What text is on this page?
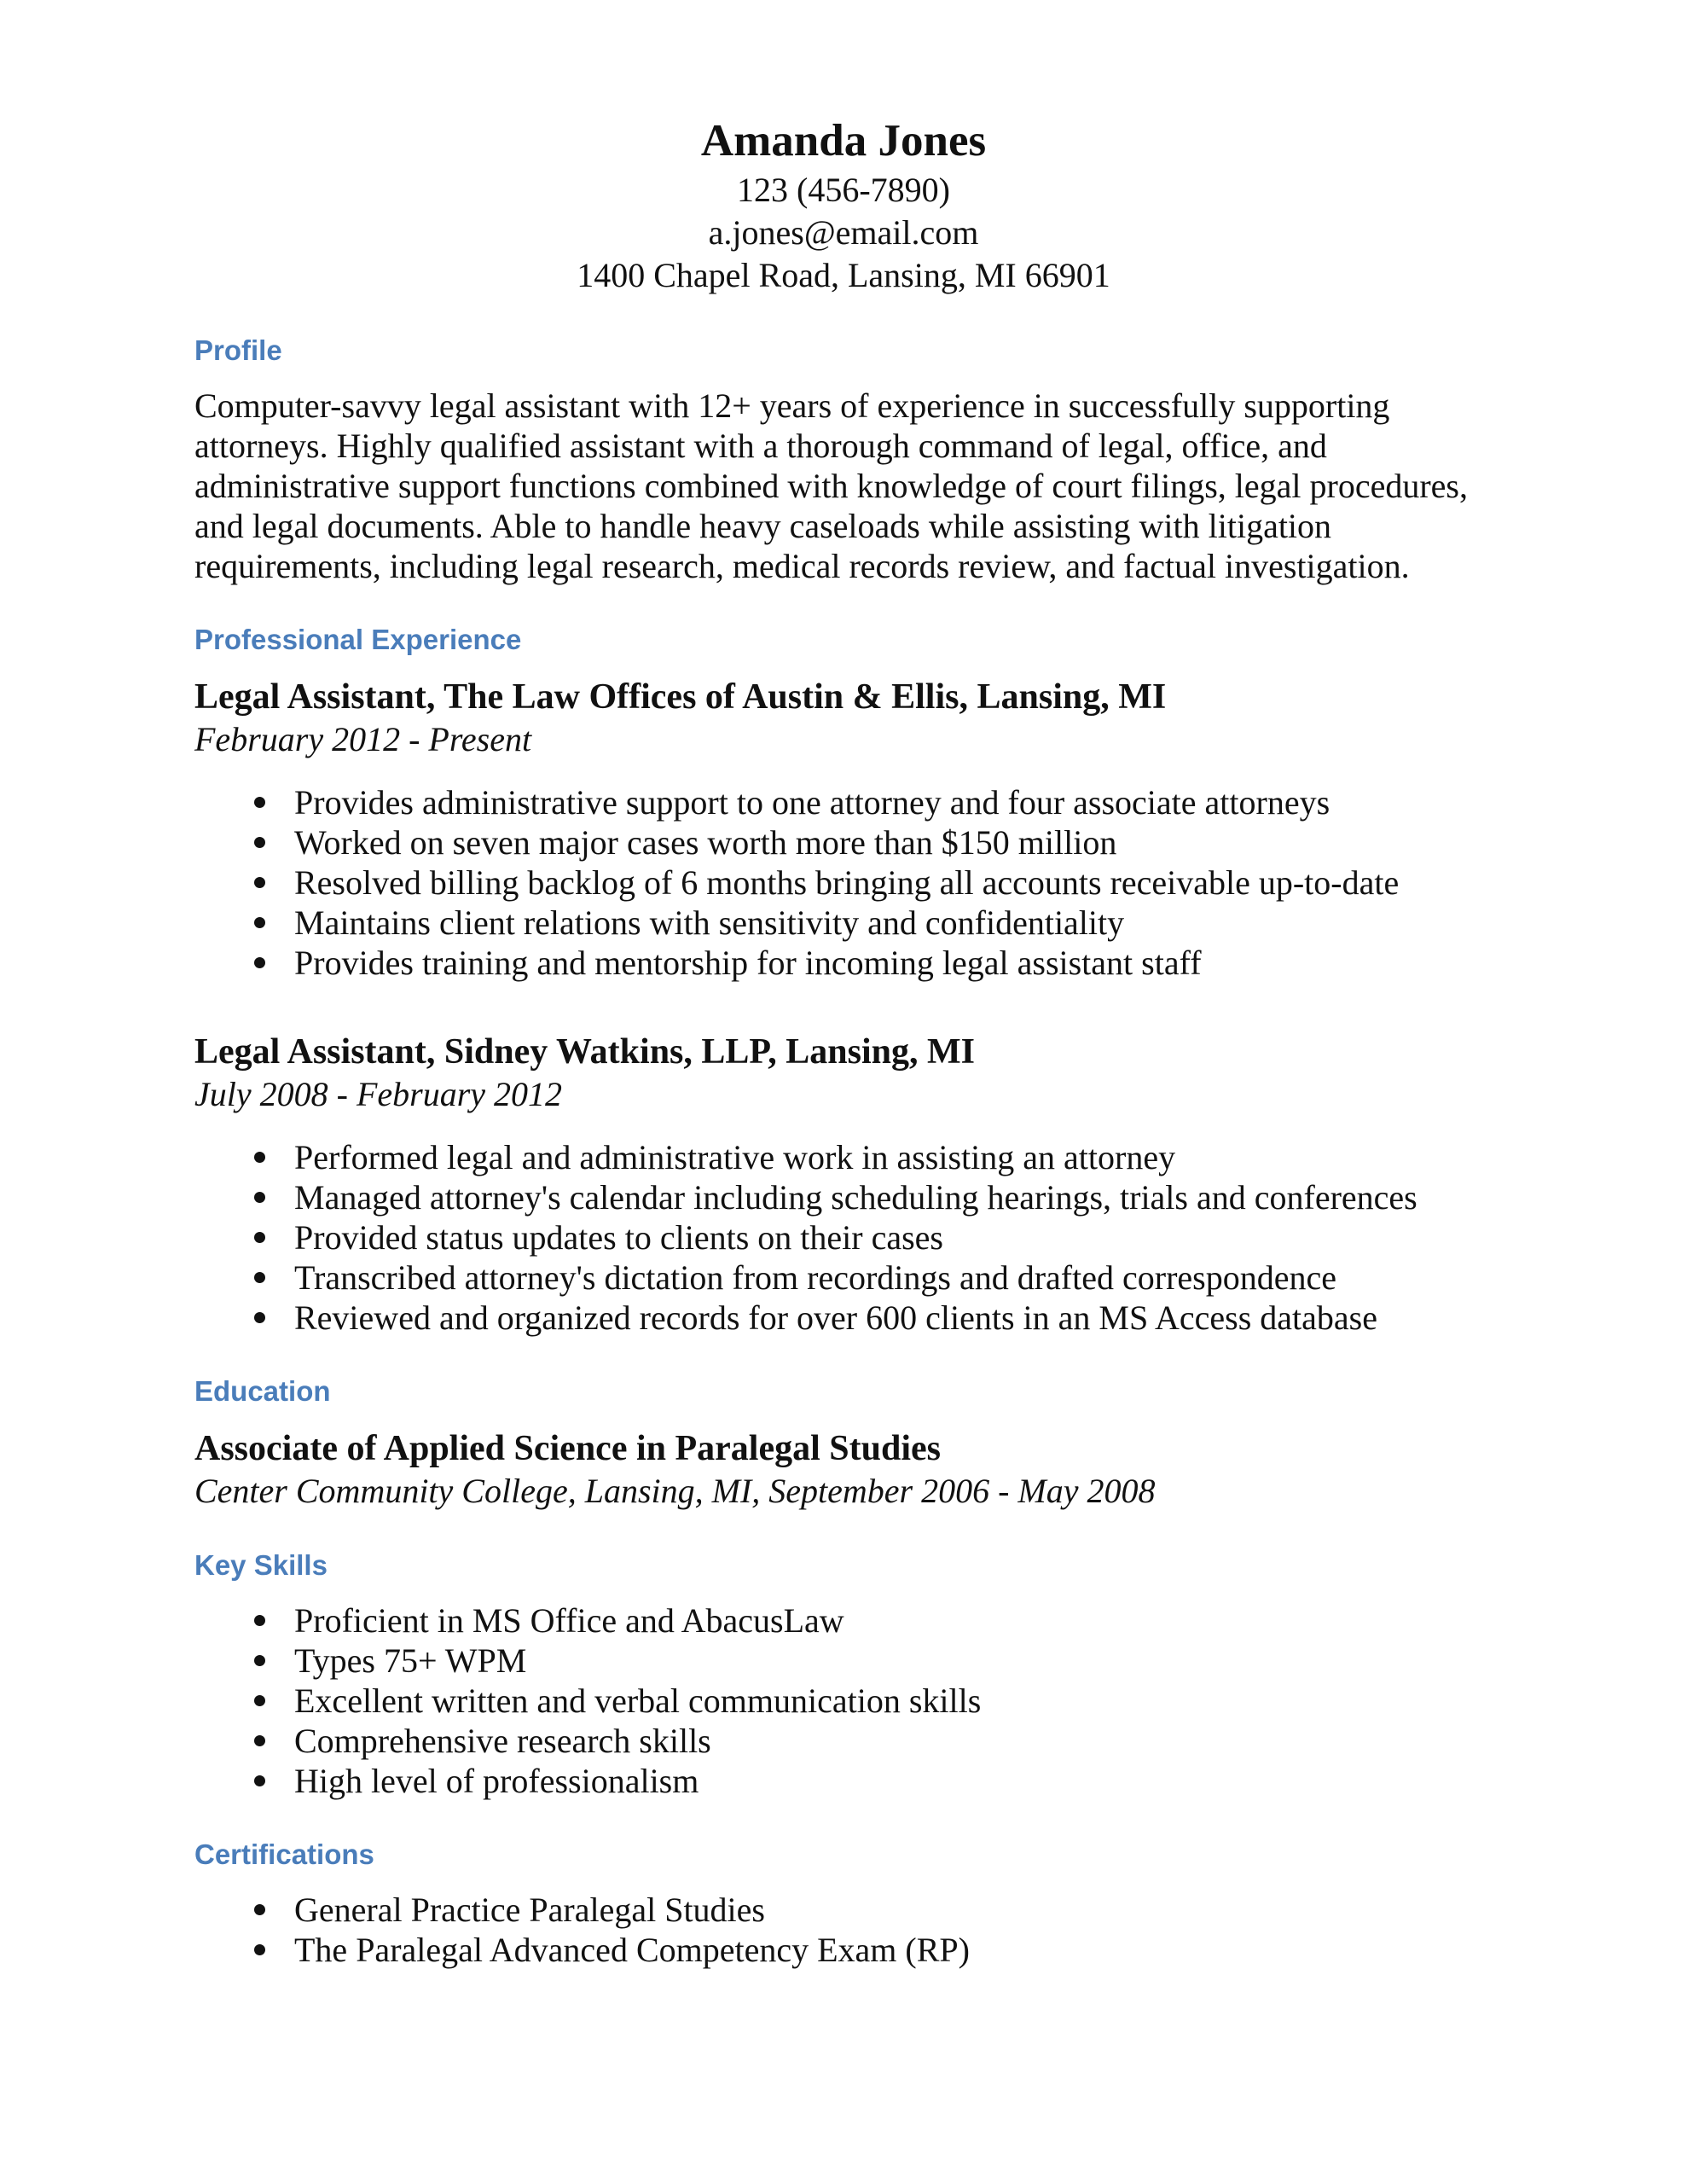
Amanda Jones
123 (456-7890)
a.jones@email.com
1400 Chapel Road, Lansing, MI 66901
Profile

Computer-savvy legal assistant with 12+ years of experience in successfully supporting attorneys. Highly qualified assistant with a thorough command of legal, office, and administrative support functions combined with knowledge of court filings, legal procedures, and legal documents. Able to handle heavy caseloads while assisting with litigation requirements, including legal research, medical records review, and factual investigation.

Professional Experience
Legal Assistant, The Law Offices of Austin & Ellis, Lansing, MI
February 2012 - Present
Provides administrative support to one attorney and four associate attorneys
Worked on seven major cases worth more than $150 million
Resolved billing backlog of 6 months bringing all accounts receivable up-to-date
Maintains client relations with sensitivity and confidentiality
Provides training and mentorship for incoming legal assistant staff
Legal Assistant, Sidney Watkins, LLP, Lansing, MI
July 2008 - February 2012
Performed legal and administrative work in assisting an attorney
Managed attorney's calendar including scheduling hearings, trials and conferences
Provided status updates to clients on their cases
Transcribed attorney's dictation from recordings and drafted correspondence
Reviewed and organized records for over 600 clients in an MS Access database
Education
Associate of Applied Science in Paralegal Studies
Center Community College, Lansing, MI, September 2006 - May 2008
Key Skills
Proficient in MS Office and AbacusLaw
Types 75+ WPM
Excellent written and verbal communication skills
Comprehensive research skills
High level of professionalism
Certifications
General Practice Paralegal Studies
The Paralegal Advanced Competency Exam (RP)
